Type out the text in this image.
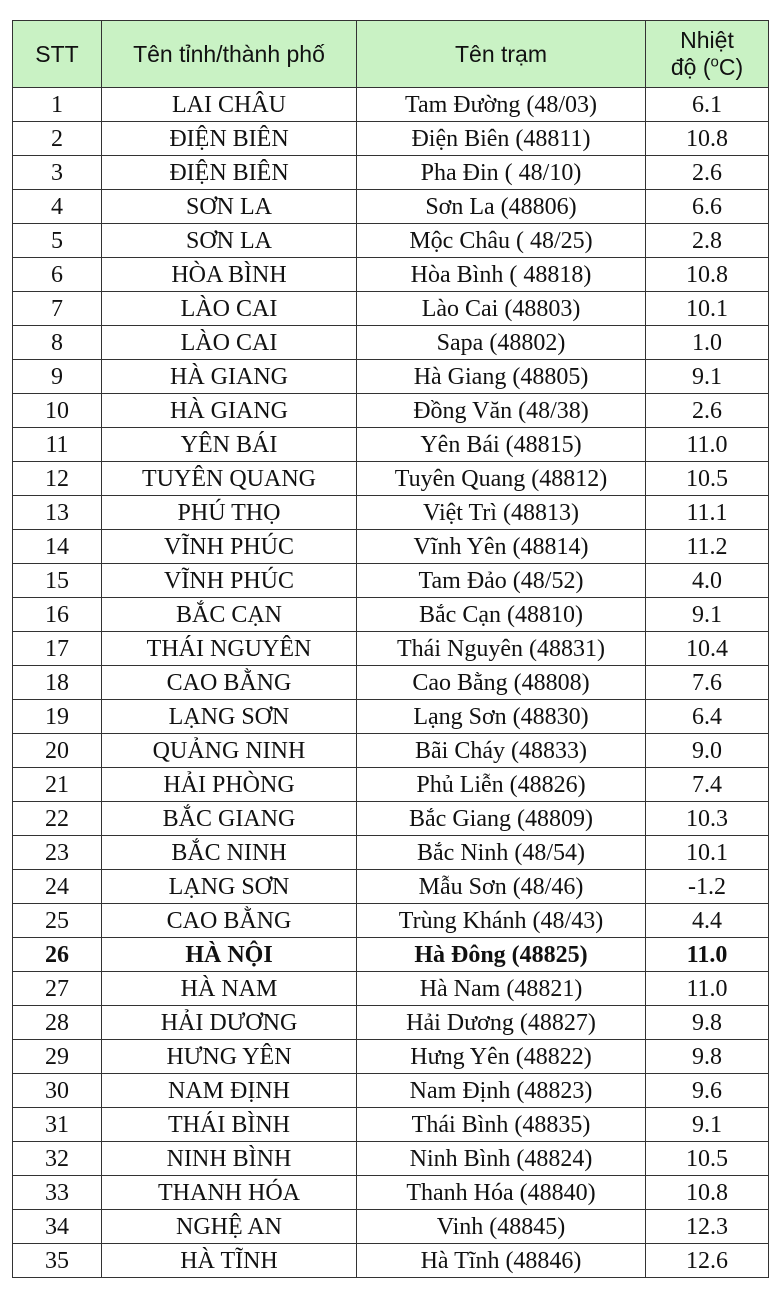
STT	Tên tỉnh/thành phố	Tên trạm	Nhiệt
độ ($^o$C)
1	LAI CHÂU	Tam Đường (48/03)	6.1
2	ĐIỆN BIÊN	Điện Biên (48811)	10.8
3	ĐIỆN BIÊN	Pha Đin ( 48/10)	2.6
4	SƠN LA	Sơn La (48806)	6.6
5	SƠN LA	Mộc Châu ( 48/25)	2.8
6	HÒA BÌNH	Hòa Bình ( 48818)	10.8
7	LÀO CAI	Lào Cai (48803)	10.1
8	LÀO CAI	Sapa (48802)	1.0
9	HÀ GIANG	Hà Giang (48805)	9.1
10	HÀ GIANG	Đồng Văn (48/38)	2.6
11	YÊN BÁI	Yên Bái (48815)	11.0
12	TUYÊN QUANG	Tuyên Quang (48812)	10.5
13	PHÚ THỌ	Việt Trì (48813)	11.1
14	VĨNH PHÚC	Vĩnh Yên (48814)	11.2
15	VĨNH PHÚC	Tam Đảo (48/52)	4.0
16	BẮC CẠN	Bắc Cạn (48810)	9.1
17	THÁI NGUYÊN	Thái Nguyên (48831)	10.4
18	CAO BẰNG	Cao Bằng (48808)	7.6
19	LẠNG SƠN	Lạng Sơn (48830)	6.4
20	QUẢNG NINH	Bãi Cháy (48833)	9.0
21	HẢI PHÒNG	Phủ Liễn (48826)	7.4
22	BẮC GIANG	Bắc Giang (48809)	10.3
23	BẮC NINH	Bắc Ninh (48/54)	10.1
24	LẠNG SƠN	Mẫu Sơn (48/46)	-1.2
25	CAO BẰNG	Trùng Khánh (48/43)	4.4
26	HÀ NỘI	Hà Đông (48825)	11.0
27	HÀ NAM	Hà Nam (48821)	11.0
28	HẢI DƯƠNG	Hải Dương (48827)	9.8
29	HƯNG YÊN	Hưng Yên (48822)	9.8
30	NAM ĐỊNH	Nam Định (48823)	9.6
31	THÁI BÌNH	Thái Bình (48835)	9.1
32	NINH BÌNH	Ninh Bình (48824)	10.5
33	THANH HÓA	Thanh Hóa (48840)	10.8
34	NGHỆ AN	Vinh (48845)	12.3
35	HÀ TĨNH	Hà Tĩnh (48846)	12.6
